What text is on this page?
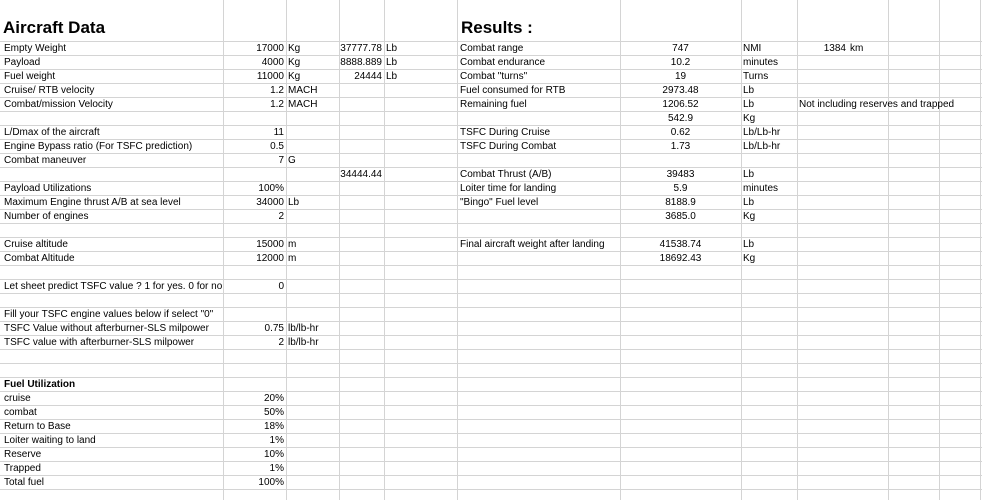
Aircraft Data	Results :
Empty Weight	17000 Kg	37777.78 Lb
Payload	4000 Kg	8888.889 Lb
Fuel weight	11000 Kg	24444 Lb
Cruise/ RTB velocity	1.2 MACH
Combat/mission Velocity	1.2 MACH
L/Dmax of the aircraft	11
Engine Bypass ratio (For TSFC prediction)	0.5
Combat maneuver	7 G
34444.44
Payload Utilizations	100%
Maximum Engine thrust A/B at sea level	34000 Lb
Number of engines	2
Cruise altitude	15000 m
Combat Altitude	12000 m
Let sheet predict TSFC value ? 1 for yes. 0 for no	0
Fill your TSFC engine values below if select "0"
TSFC Value without afterburner-SLS milpower	0.75 lb/lb-hr
TSFC value with afterburner-SLS milpower	2 lb/lb-hr
Fuel Utilization
cruise	20%
combat	50%
Return to Base	18%
Loiter waiting to land	1%
Reserve	10%
Trapped	1%
Total fuel	100%
Combat range	747	NMI	1384 km
Combat endurance	10.2	minutes
Combat "turns"	19	Turns
Fuel consumed for RTB	2973.48	Lb
Remaining fuel	1206.52	Lb	Not including reserves and trapped
542.9	Kg
TSFC During Cruise	0.62	Lb/Lb-hr
TSFC During Combat	1.73	Lb/Lb-hr
Combat Thrust (A/B)	39483	Lb
Loiter time for landing	5.9	minutes
"Bingo" Fuel level	8188.9	Lb
3685.0	Kg
Final aircraft weight after landing	41538.74	Lb
18692.43	Kg
